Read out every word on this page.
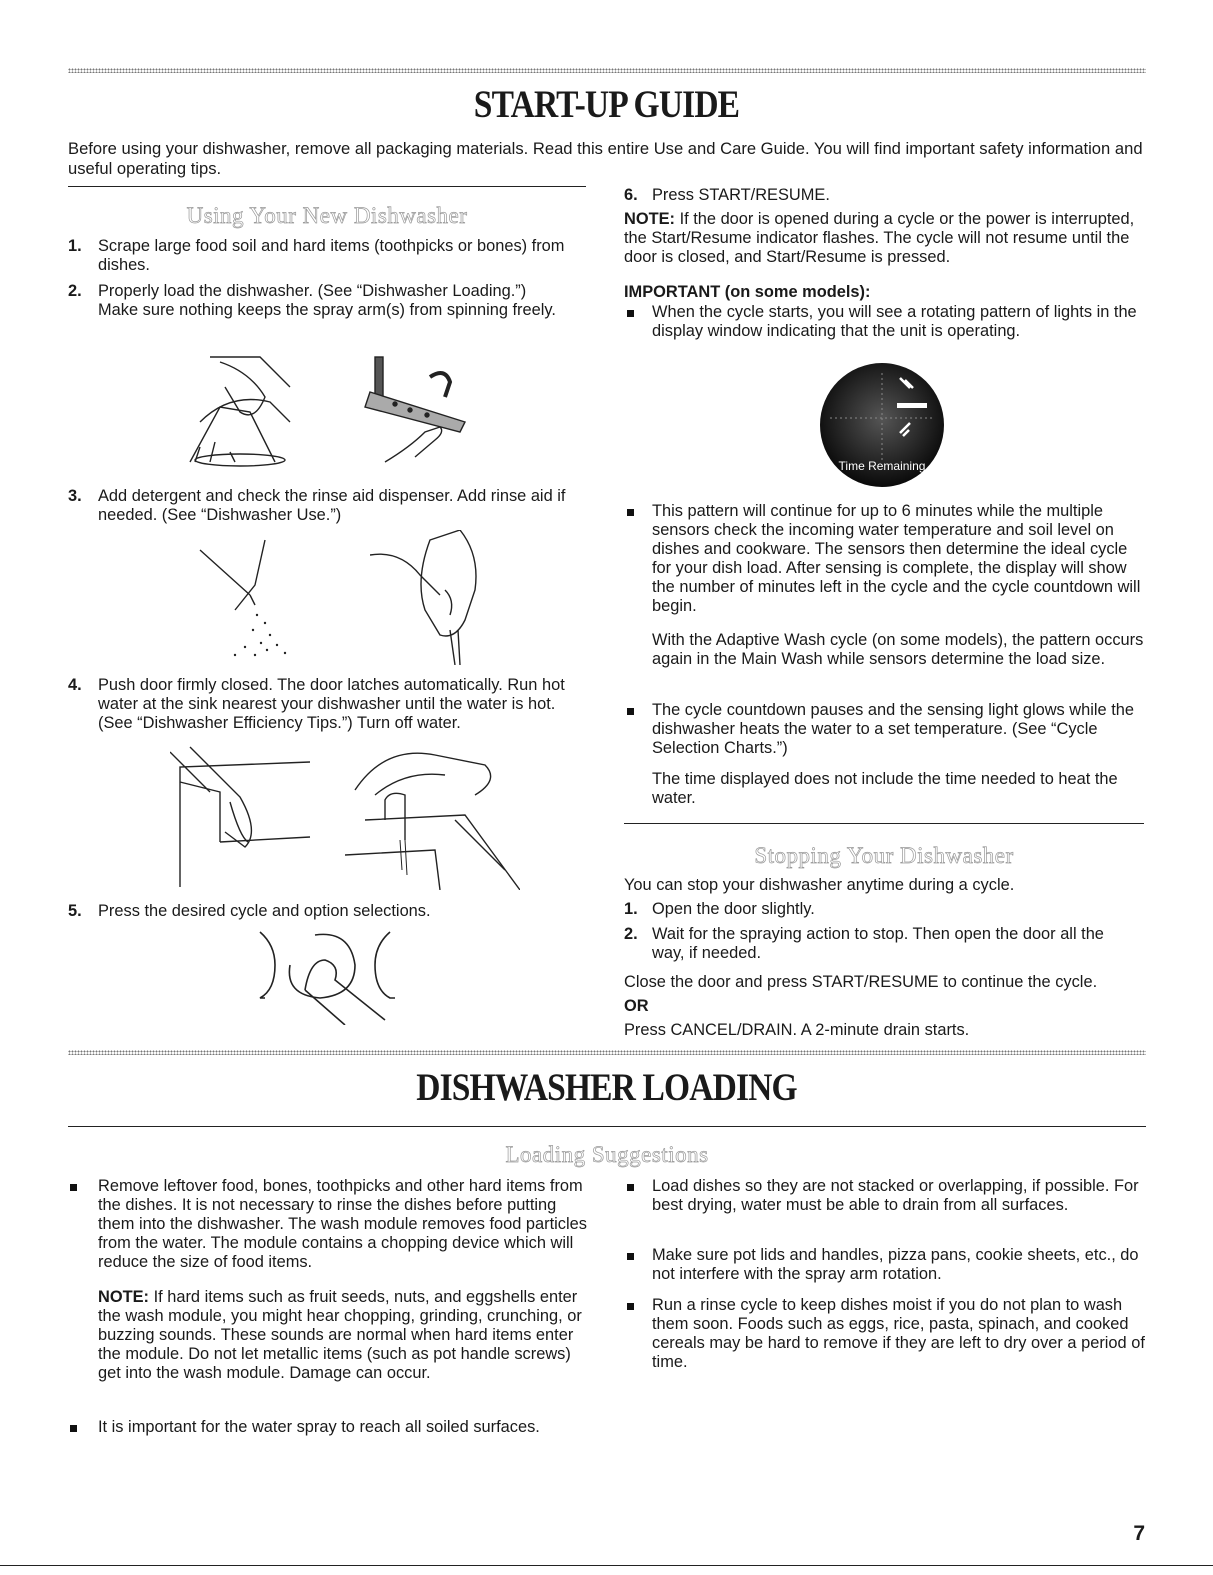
START-UP GUIDE
Before using your dishwasher, remove all packaging materials. Read this entire Use and Care Guide. You will find important safety information and useful operating tips.
Using Your New Dishwasher
1. Scrape large food soil and hard items (toothpicks or bones) from dishes.
2. Properly load the dishwasher. (See “Dishwasher Loading.”) Make sure nothing keeps the spray arm(s) from spinning freely.
3. Add detergent and check the rinse aid dispenser. Add rinse aid if needed. (See “Dishwasher Use.”)
4. Push door firmly closed. The door latches automatically. Run hot water at the sink nearest your dishwasher until the water is hot. (See “Dishwasher Efficiency Tips.”) Turn off water.
5. Press the desired cycle and option selections.
6. Press START/RESUME.
NOTE: If the door is opened during a cycle or the power is interrupted, the Start/Resume indicator flashes. The cycle will not resume until the door is closed, and Start/Resume is pressed.
IMPORTANT (on some models):
When the cycle starts, you will see a rotating pattern of lights in the display window indicating that the unit is operating.
Time Remaining
This pattern will continue for up to 6 minutes while the multiple sensors check the incoming water temperature and soil level on dishes and cookware. The sensors then determine the ideal cycle for your dish load. After sensing is complete, the display will show the number of minutes left in the cycle and the cycle countdown will begin.
With the Adaptive Wash cycle (on some models), the pattern occurs again in the Main Wash while sensors determine the load size.
The cycle countdown pauses and the sensing light glows while the dishwasher heats the water to a set temperature. (See “Cycle Selection Charts.”)
The time displayed does not include the time needed to heat the water.
Stopping Your Dishwasher
You can stop your dishwasher anytime during a cycle.
1. Open the door slightly.
2. Wait for the spraying action to stop. Then open the door all the way, if needed.
Close the door and press START/RESUME to continue the cycle.
OR
Press CANCEL/DRAIN. A 2-minute drain starts.
DISHWASHER LOADING
Loading Suggestions
Remove leftover food, bones, toothpicks and other hard items from the dishes. It is not necessary to rinse the dishes before putting them into the dishwasher. The wash module removes food particles from the water. The module contains a chopping device which will reduce the size of food items.
NOTE: If hard items such as fruit seeds, nuts, and eggshells enter the wash module, you might hear chopping, grinding, crunching, or buzzing sounds. These sounds are normal when hard items enter the module. Do not let metallic items (such as pot handle screws) get into the wash module. Damage can occur.
It is important for the water spray to reach all soiled surfaces.
Load dishes so they are not stacked or overlapping, if possible. For best drying, water must be able to drain from all surfaces.
Make sure pot lids and handles, pizza pans, cookie sheets, etc., do not interfere with the spray arm rotation.
Run a rinse cycle to keep dishes moist if you do not plan to wash them soon. Foods such as eggs, rice, pasta, spinach, and cooked cereals may be hard to remove if they are left to dry over a period of time.
7
